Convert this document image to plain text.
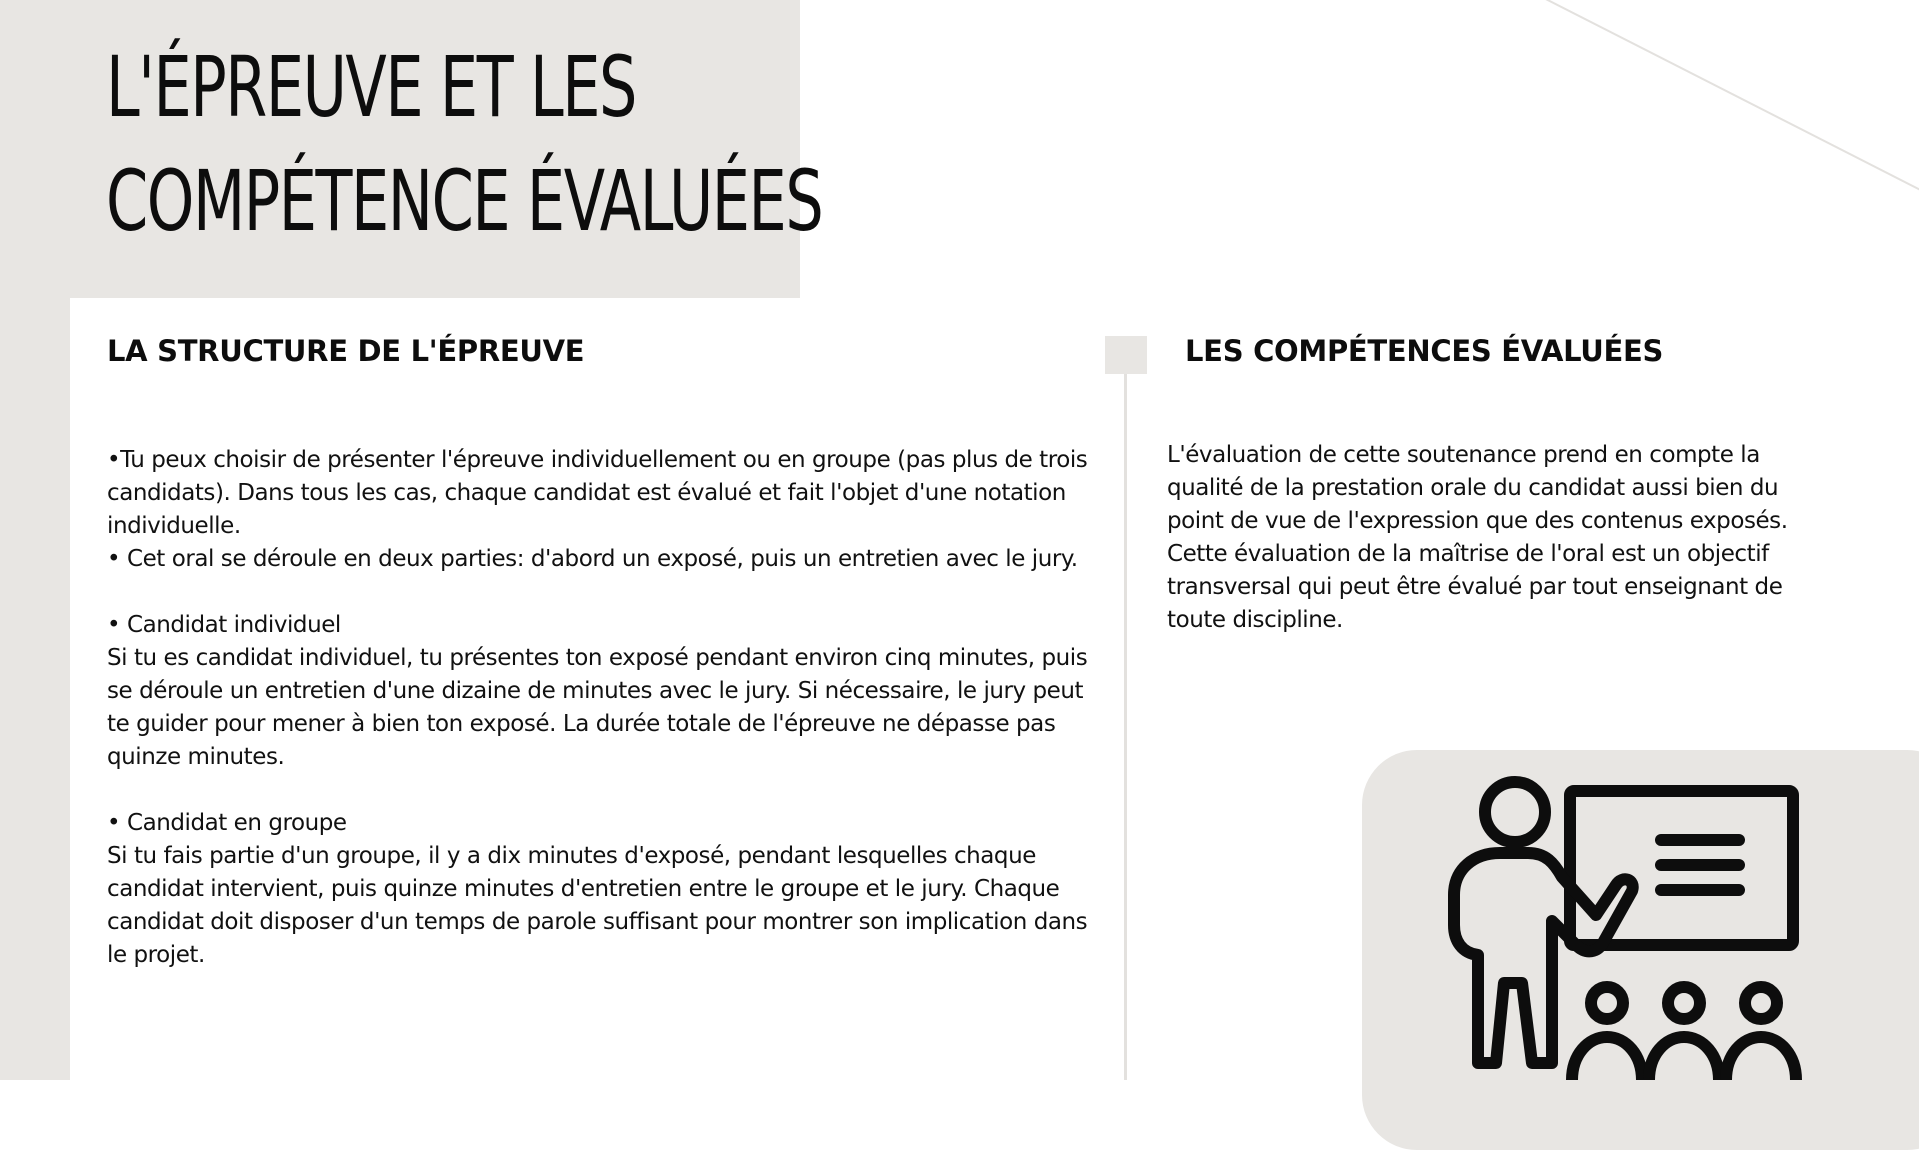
L'ÉPREUVE ET LES
COMPÉTENCE ÉVALUÉES
LA STRUCTURE DE L'ÉPREUVE

•Tu peux choisir de présenter l'épreuve individuellement ou en groupe (pas plus de trois candidats). Dans tous les cas, chaque candidat est évalué et fait l'objet d'une notation individuelle.

• Cet oral se déroule en deux parties: d'abord un exposé, puis un entretien avec le jury.

• Candidat individuel

Si tu es candidat individuel, tu présentes ton exposé pendant environ cinq minutes, puis se déroule un entretien d'une dizaine de minutes avec le jury. Si nécessaire, le jury peut te guider pour mener à bien ton exposé. La durée totale de l'épreuve ne dépasse pas quinze minutes.

• Candidat en groupe

Si tu fais partie d'un groupe, il y a dix minutes d'exposé, pendant lesquelles chaque candidat intervient, puis quinze minutes d'entretien entre le groupe et le jury. Chaque candidat doit disposer d'un temps de parole suffisant pour montrer son implication dans le projet.

LES COMPÉTENCES ÉVALUÉES

L'évaluation de cette soutenance prend en compte la qualité de la prestation orale du candidat aussi bien du point de vue de l'expression que des contenus exposés. Cette évaluation de la maîtrise de l'oral est un objectif transversal qui peut être évalué par tout enseignant de toute discipline.
